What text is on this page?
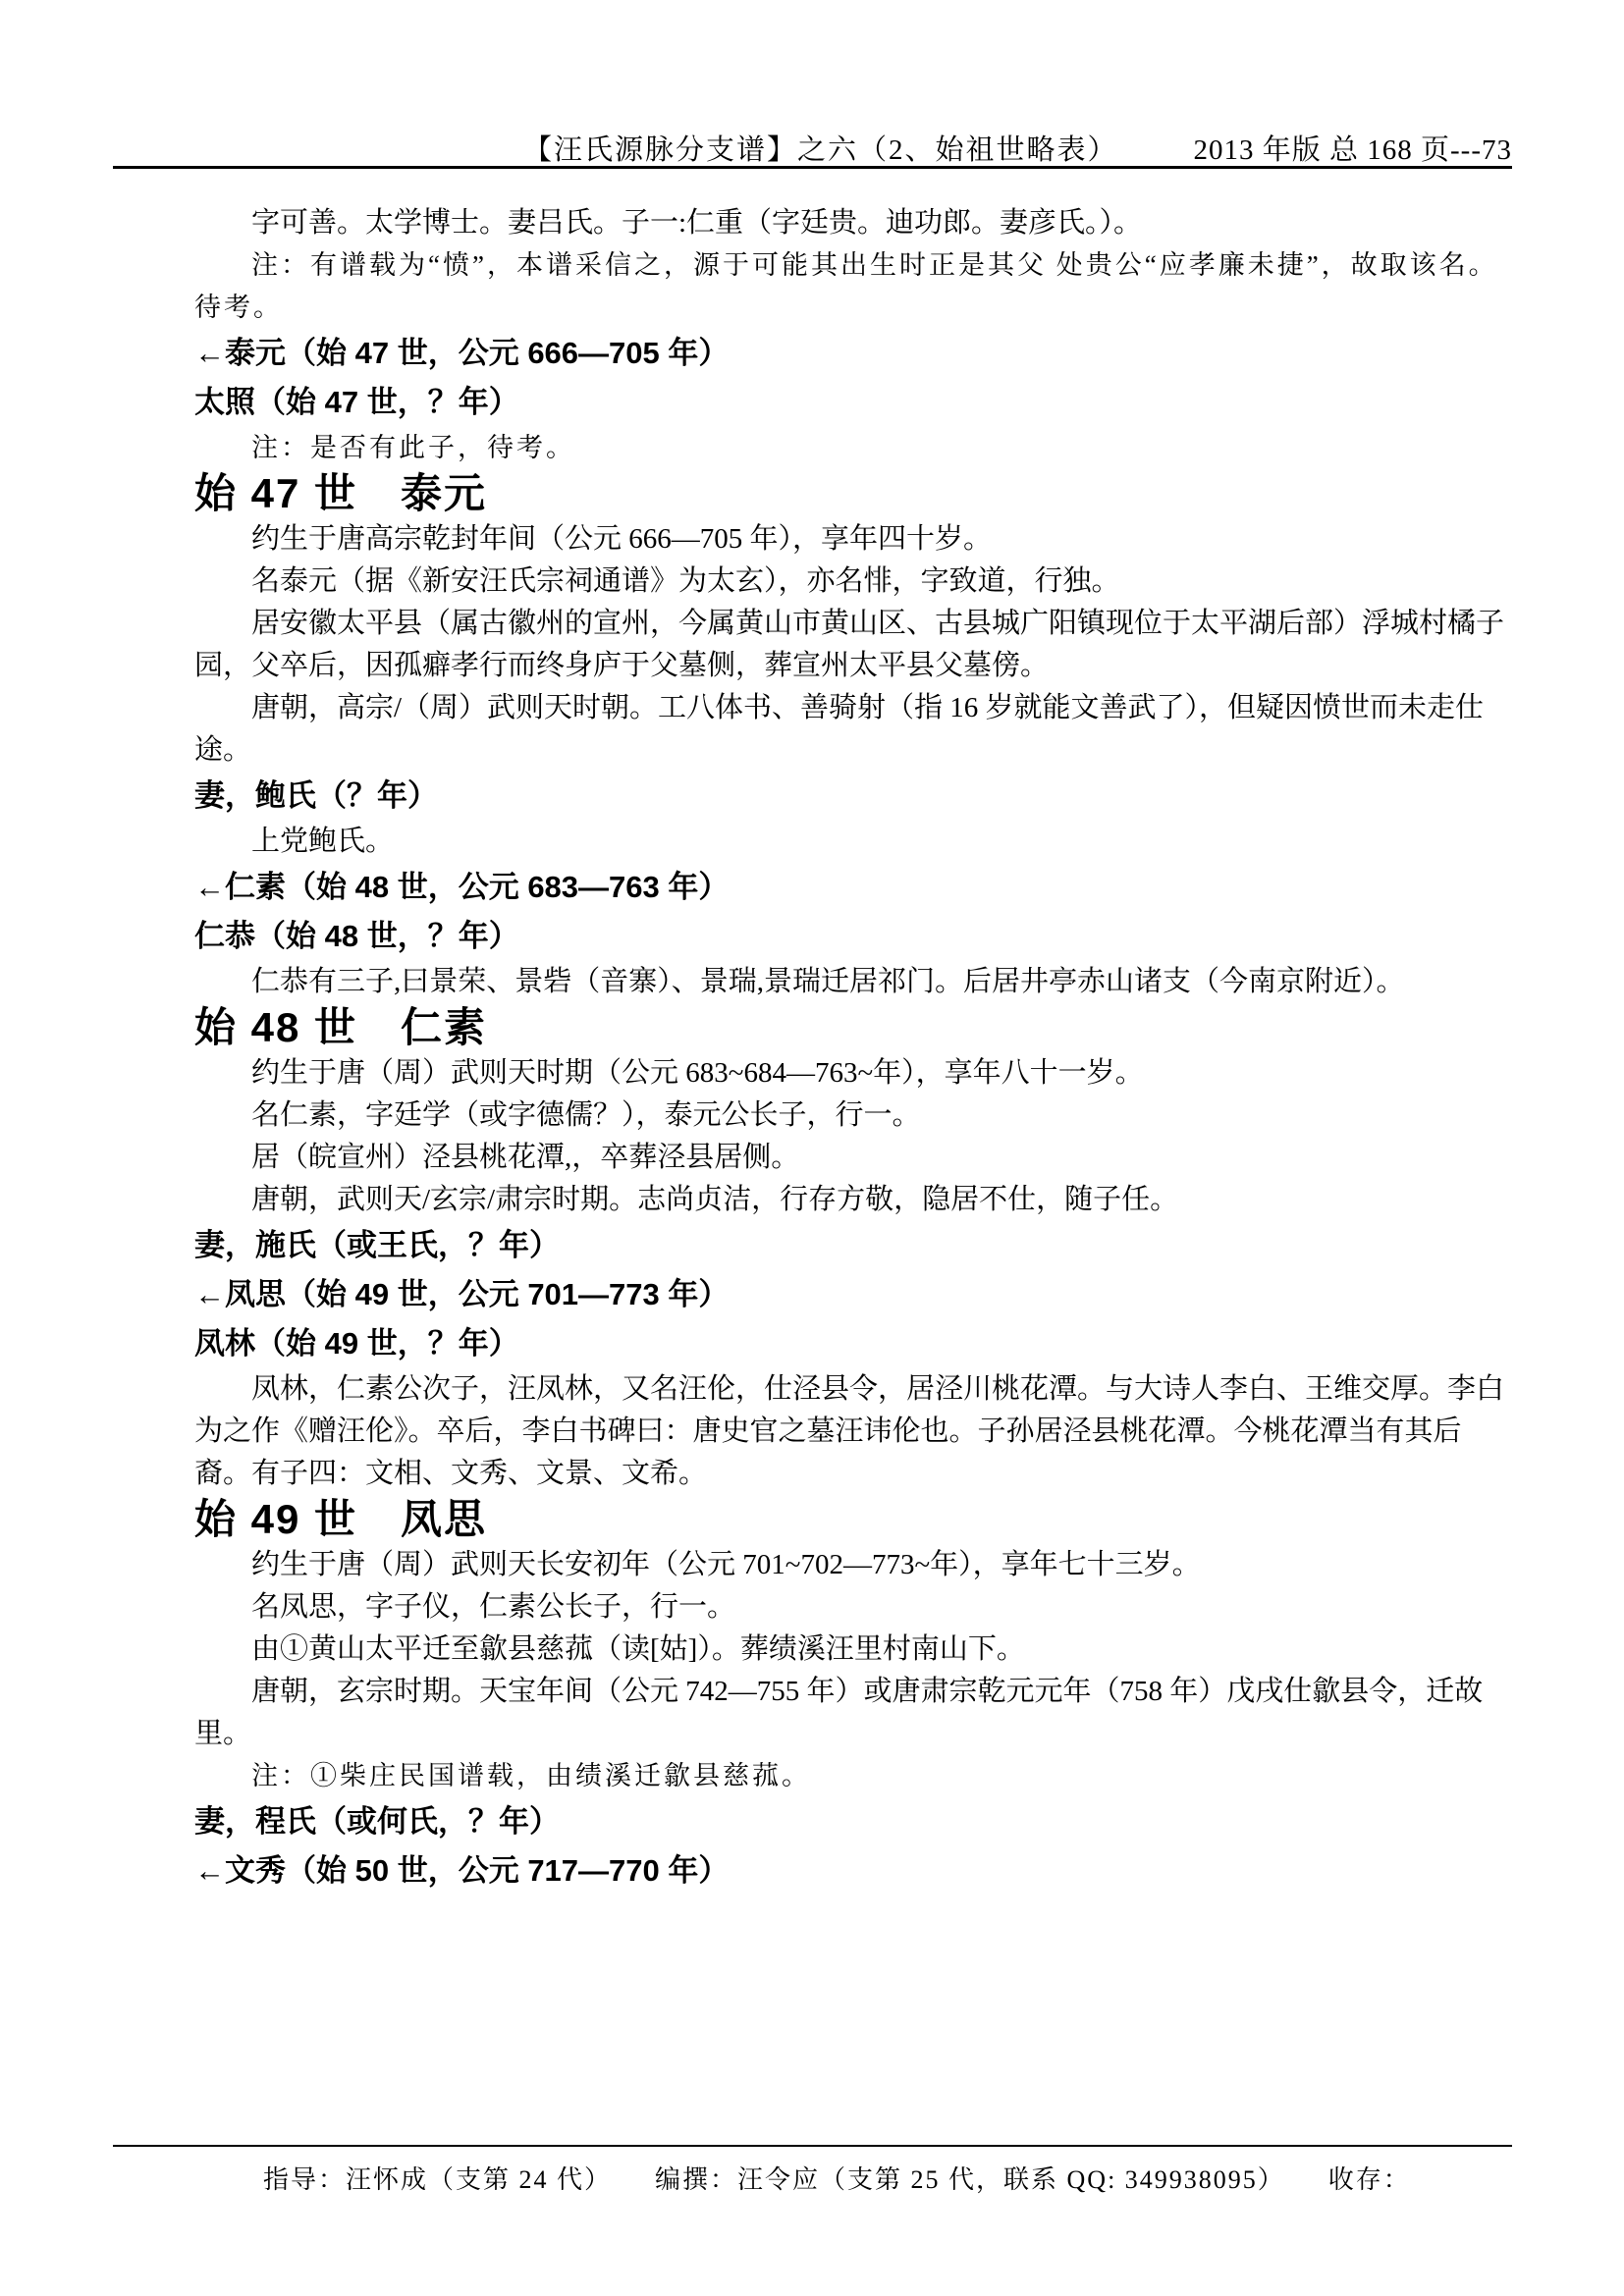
【汪氏源脉分支谱】之六（2、始祖世略表）	2013 年版 总 168 页---73

字可善。太学博士。妻吕氏。子一:仁重（字廷贵。迪功郎。妻彦氏。）。

注：有谱载为“愤”，本谱采信之，源于可能其出生时正是其父 处贵公“应孝廉未捷”，故取该名。待考。

←泰元（始 47 世，公元 666—705 年）

太照（始 47 世，？年）

注：是否有此子，待考。

始 47 世　泰元

约生于唐高宗乾封年间（公元 666—705 年），享年四十岁。

名泰元（据《新安汪氏宗祠通谱》为太玄），亦名悱，字致道，行独。

居安徽太平县（属古徽州的宣州，今属黄山市黄山区、古县城广阳镇现位于太平湖后部）浮城村橘子园，父卒后，因孤癖孝行而终身庐于父墓侧，葬宣州太平县父墓傍。

唐朝，高宗/（周）武则天时朝。工八体书、善骑射（指 16 岁就能文善武了），但疑因愤世而未走仕途。

妻，鲍氏（？年）

上党鲍氏。

←仁素（始 48 世，公元 683—763 年）

仁恭（始 48 世，？年）

仁恭有三子,曰景荣、景砦（音寨）、景瑞,景瑞迁居祁门。后居井亭赤山诸支（今南京附近）。

始 48 世　仁素

约生于唐（周）武则天时期（公元 683~684—763~年），享年八十一岁。

名仁素，字廷学（或字德儒？），泰元公长子，行一。

居（皖宣州）泾县桃花潭,，卒葬泾县居侧。

唐朝，武则天/玄宗/肃宗时期。志尚贞洁，行存方敬，隐居不仕，随子任。

妻，施氏（或王氏，？年）

←凤思（始 49 世，公元 701—773 年）

凤林（始 49 世，？年）

凤林，仁素公次子，汪凤林，又名汪伦，仕泾县令，居泾川桃花潭。与大诗人李白、王维交厚。李白为之作《赠汪伦》。卒后，李白书碑曰：唐史官之墓汪讳伦也。子孙居泾县桃花潭。今桃花潭当有其后裔。有子四：文相、文秀、文景、文希。

始 49 世　凤思

约生于唐（周）武则天长安初年（公元 701~702—773~年），享年七十三岁。

名凤思，字子仪，仁素公长子，行一。

由①黄山太平迁至歙县慈菰（读[姑]）。葬绩溪汪里村南山下。

唐朝，玄宗时期。天宝年间（公元 742—755 年）或唐肃宗乾元元年（758 年）戊戌仕歙县令，迁故里。

注：①柴庄民国谱载，由绩溪迁歙县慈菰。

妻，程氏（或何氏，？年）

←文秀（始 50 世，公元 717—770 年）

指导：汪怀成（支第 24 代） 编撰：汪令应（支第 25 代，联系 QQ: 349938095） 收存：
